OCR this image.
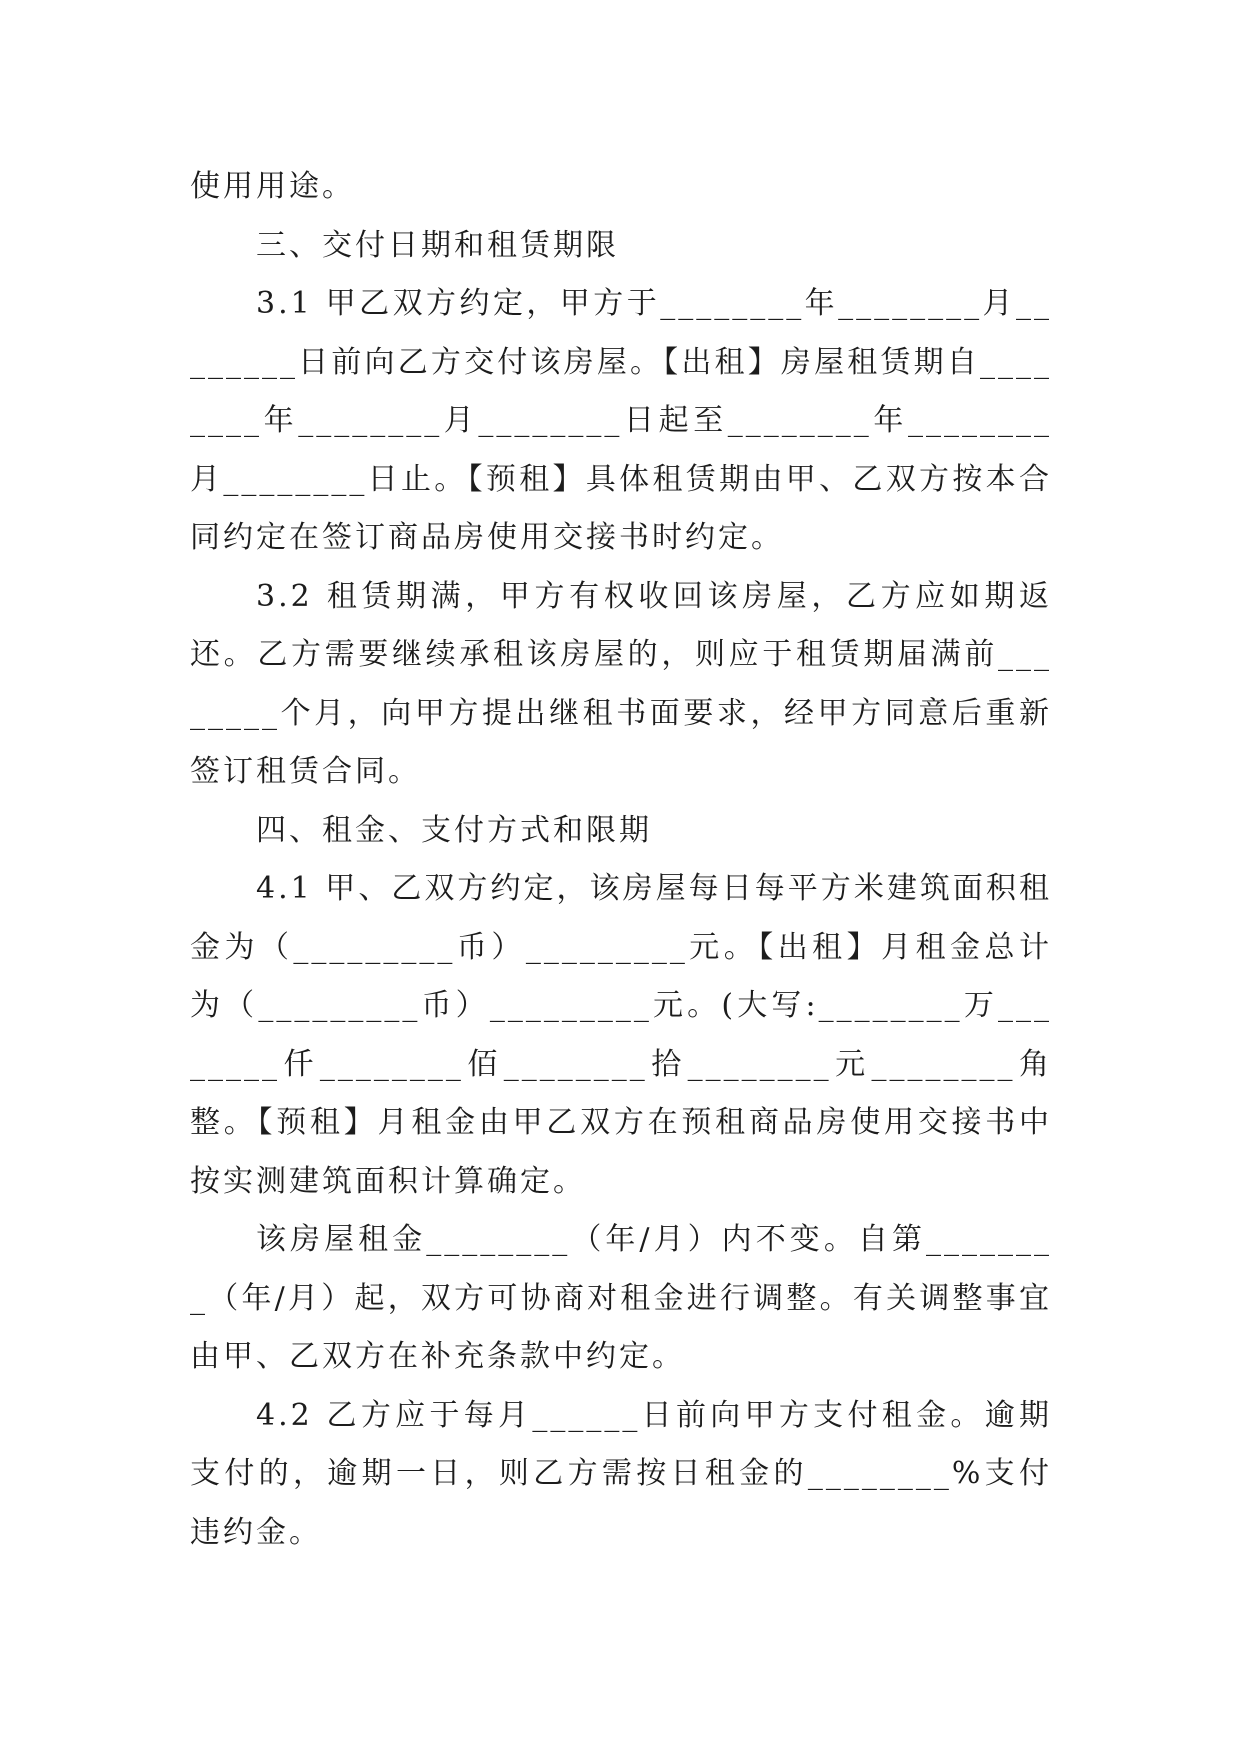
使用用途。

三、交付日期和租赁期限

3.1 甲乙双方约定，甲方于________年________月________日前向乙方交付该房屋。【出租】房屋租赁期自________年________月________日起至________年________月________日止。【预租】具体租赁期由甲、乙双方按本合同约定在签订商品房使用交接书时约定。

3.2 租赁期满，甲方有权收回该房屋，乙方应如期返还。乙方需要继续承租该房屋的，则应于租赁期届满前________个月，向甲方提出继租书面要求，经甲方同意后重新签订租赁合同。

四、租金、支付方式和限期

4.1 甲、乙双方约定，该房屋每日每平方米建筑面积租金为（_________币）_________元。【出租】月租金总计为（_________币）_________元。(大写:________万________仟________佰________拾________元________角整。【预租】月租金由甲乙双方在预租商品房使用交接书中按实测建筑面积计算确定。

该房屋租金________（年/月）内不变。自第________（年/月）起，双方可协商对租金进行调整。有关调整事宜由甲、乙双方在补充条款中约定。

4.2 乙方应于每月______日前向甲方支付租金。逾期支付的，逾期一日，则乙方需按日租金的________%支付违约金。
